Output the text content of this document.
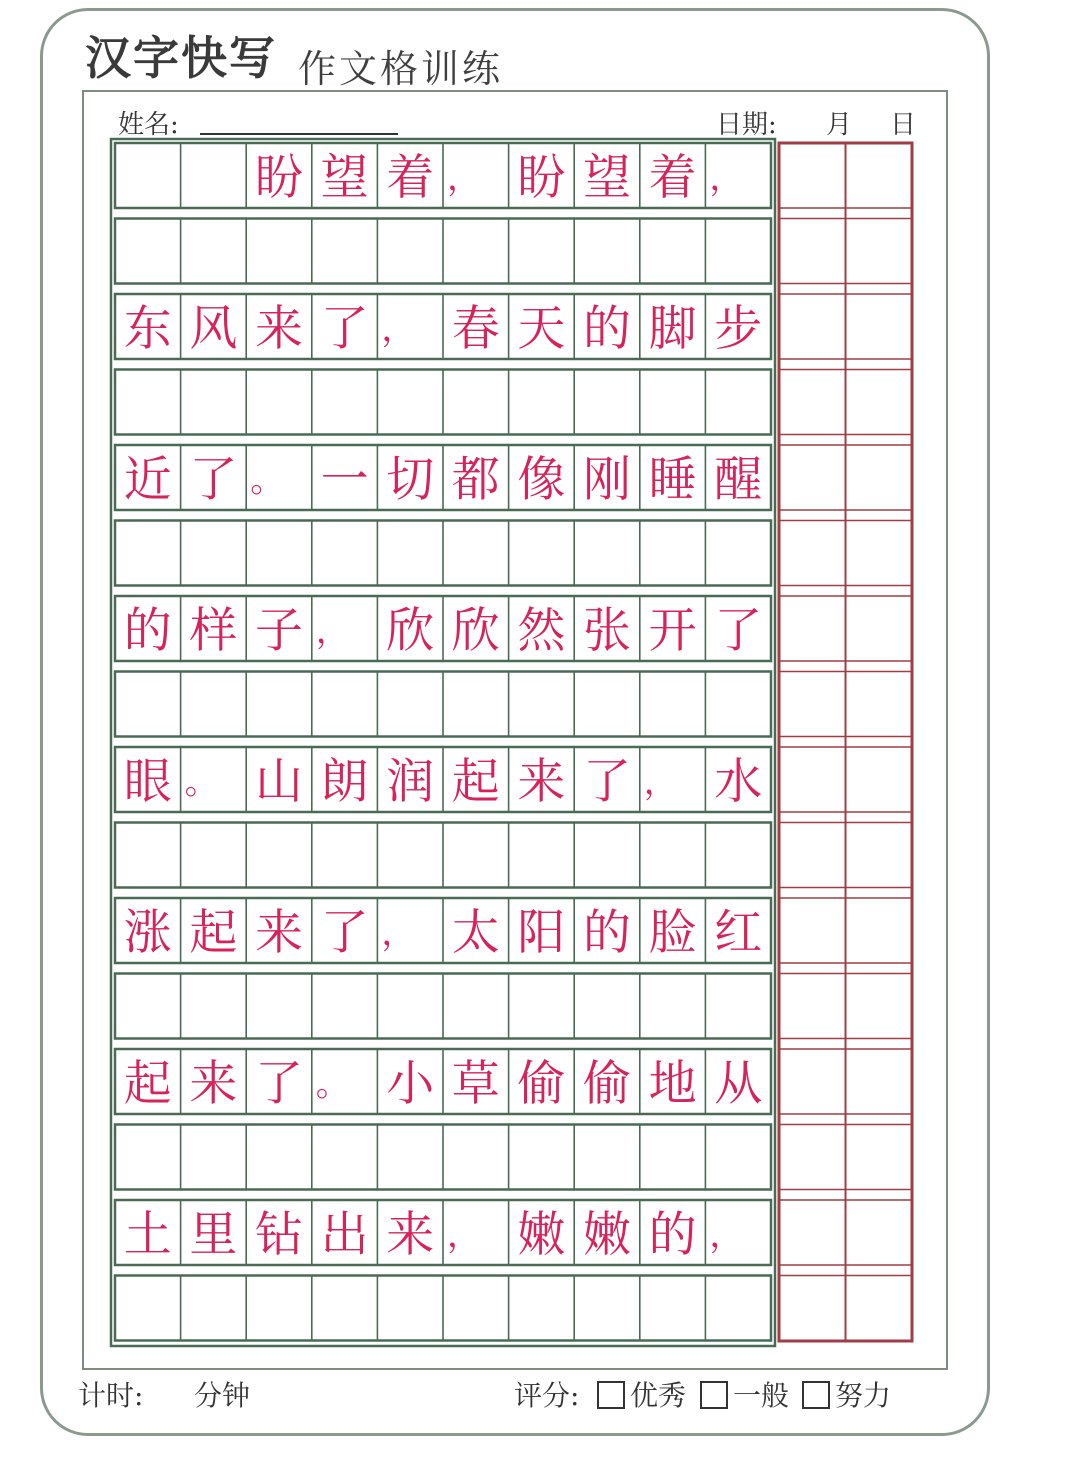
汉字快写 作文格训练
姓名:	日期: 月 日
盼 望 着 ， 盼 望 着 ，
东 风 来 了 ， 春 天 的 脚 步
近 了 。 一 切 都 像 刚 睡 醒
的 样 子 ， 欣 欣 然 张 开 了
眼 。 山 朗 润 起 来 了 ， 水
涨 起 来 了 ， 太 阳 的 脸 红
起 来 了 。 小 草 偷 偷 地 从
土 里 钻 出 来 ， 嫩 嫩 的 ，
计时: 分钟	评分: 优秀 一般 努力
